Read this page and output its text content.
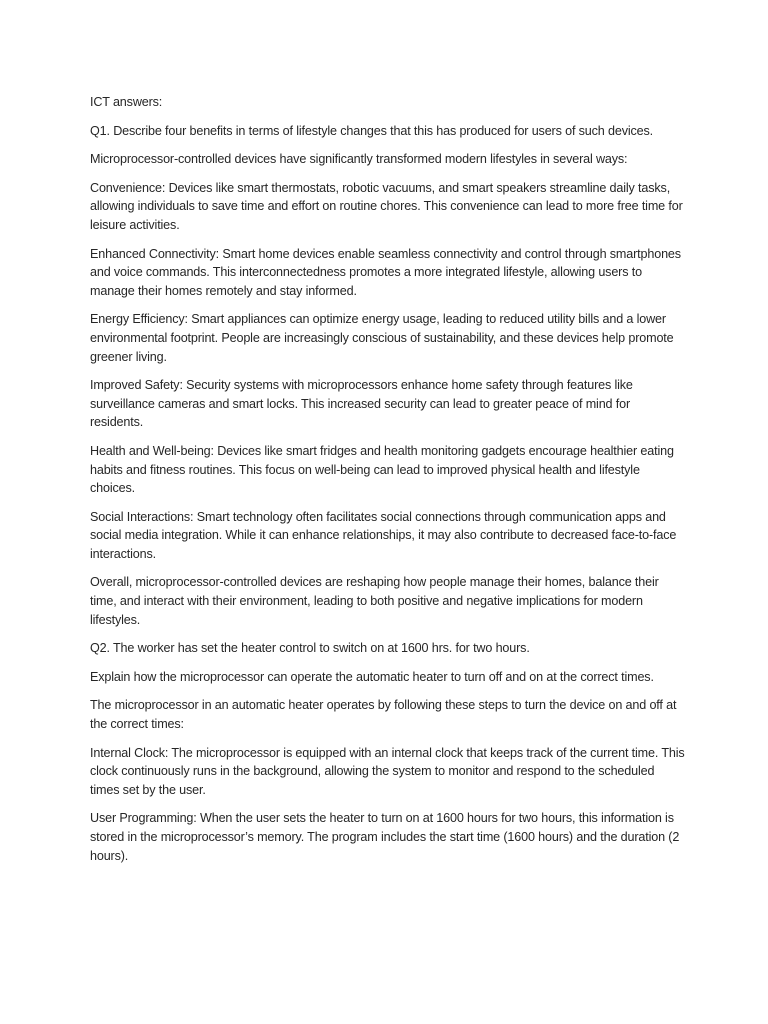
ICT answers:

Q1. Describe four benefits in terms of lifestyle changes that this has produced for users of such devices.

Microprocessor-controlled devices have significantly transformed modern lifestyles in several ways:

Convenience: Devices like smart thermostats, robotic vacuums, and smart speakers streamline daily tasks, allowing individuals to save time and effort on routine chores. This convenience can lead to more free time for leisure activities.

Enhanced Connectivity: Smart home devices enable seamless connectivity and control through smartphones and voice commands. This interconnectedness promotes a more integrated lifestyle, allowing users to manage their homes remotely and stay informed.

Energy Efficiency: Smart appliances can optimize energy usage, leading to reduced utility bills and a lower environmental footprint. People are increasingly conscious of sustainability, and these devices help promote greener living.

Improved Safety: Security systems with microprocessors enhance home safety through features like surveillance cameras and smart locks. This increased security can lead to greater peace of mind for residents.

Health and Well-being: Devices like smart fridges and health monitoring gadgets encourage healthier eating habits and fitness routines. This focus on well-being can lead to improved physical health and lifestyle choices.

Social Interactions: Smart technology often facilitates social connections through communication apps and social media integration. While it can enhance relationships, it may also contribute to decreased face-to-face interactions.

Overall, microprocessor-controlled devices are reshaping how people manage their homes, balance their time, and interact with their environment, leading to both positive and negative implications for modern lifestyles.

Q2. The worker has set the heater control to switch on at 1600 hrs. for two hours.

Explain how the microprocessor can operate the automatic heater to turn off and on at the correct times.

The microprocessor in an automatic heater operates by following these steps to turn the device on and off at the correct times:

Internal Clock: The microprocessor is equipped with an internal clock that keeps track of the current time. This clock continuously runs in the background, allowing the system to monitor and respond to the scheduled times set by the user.

User Programming: When the user sets the heater to turn on at 1600 hours for two hours, this information is stored in the microprocessor’s memory. The program includes the start time (1600 hours) and the duration (2 hours).
